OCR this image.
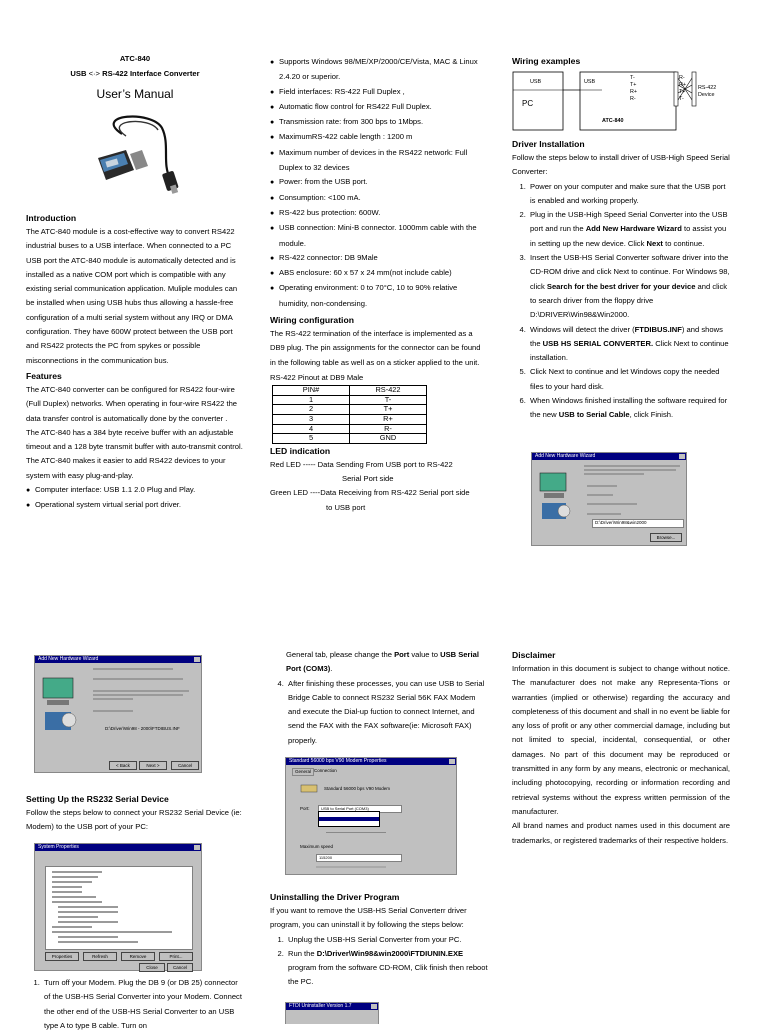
ATC-840

USB <·> RS-422 Interface Converter

User’s Manual

Introduction

The ATC-840 module is a cost-effective way to convert RS422 industrial buses to a USB interface. When connected to a PC USB port the ATC-840 module is automatically detected and is installed as a native COM port which is compatible with any existing serial communication application. Muliple modules can be installed when using USB hubs thus allowing a hassle-free configuration of a multi serial system without any IRQ or DMA configuration. They have 600W protect between the USB port and RS422 protects the PC from spykes or possible misconnections in the communication bus.

Features

The ATC-840 converter can be configured for RS422 four-wire (Full Duplex) networks. When operating in four-wire RS422 the data transfer control is automatically done by the converter .

The ATC-840 has a 384 byte receive buffer with an adjustable timeout and a 128 byte transmit buffer with auto-transmit control. The ATC-840 makes it easier to add RS422 devices to your system with easy plug-and-play.

● Computer interface: USB 1.1 2.0 Plug and Play.

● Operational system virtual serial port driver.

● Supports Windows 98/ME/XP/2000/CE/Vista, MAC & Linux 2.4.20 or superior.

● Field interfaces: RS-422 Full Duplex ,

● Automatic flow control for RS422 Full Duplex.

● Transmission rate: from 300 bps to 1Mbps.

● MaximumRS-422 cable length : 1200 m

● Maximum number of devices in the RS422 network: Full Duplex to 32 devices

● Power: from the USB port.

● Consumption: <100 mA.

● RS-422 bus protection: 600W.

● USB connection: Mini-B connector. 1000mm cable with the module.

● RS-422 connector: DB 9Male

● ABS enclosure: 60 x 57 x 24 mm(not include cable)

● Operating environment: 0 to 70°C, 10 to 90% relative humidity, non-condensing.

Wiring configuration

The RS-422 termination of the interface is implemented as a DB9 plug. The pin assignments for the connector can be found in the following table as well as on a sticker applied to the unit.

RS-422 Pinout at DB9 Male

PIN#	RS-422
1	T-
2	T+
3	R+
4	R-
5	GND
LED indication

Red LED ----- Data Sending From USB port to RS-422

Serial Port side

Green LED ----Data Receiving from RS-422 Serial port side

to USB port

Wiring examples
USB
PC
USB
ATC-840
T-
T+
R+
R-
R-
R+
T+
T-
RS-422
Device
Driver Installation

Follow the steps below to install driver of USB-High Speed Serial Converter:

1. Power on your computer and make sure that the USB port is enabled and working properly.
2. Plug in the USB-High Speed Serial Converter into the USB port and run the Add New Hardware Wizard to assist you in setting up the new device. Click Next to continue.
3. Insert the USB-HS Serial Converter software driver into the CD-ROM drive and click Next to continue. For Windows 98, click Search for the best driver for your device and click to search driver from the floppy drive D:\DRIVER\Win98&Win2000.
4. Windows will detect the driver (FTDIBUS.INF) and shows the USB HS SERIAL CONVERTER. Click Next to continue installation.
5. Click Next to continue and let Windows copy the needed files to your hard disk.
6. When Windows finished installing the software required for the new USB to Serial Cable, click Finish.
Add New Hardware Wizard
D:\Driver\Win98&win2000
Browse...
Add New Hardware Wizard
D:\Driver\Win98 - 2000\FTDIBUS.INF
< Back	Next >	Cancel
Setting Up the RS232 Serial Device

Follow the steps below to connect your RS232 Serial Device (ie: Modem) to the USB port of your PC:

System Properties
Properties	Refresh	Remove	Print...
Close	Cancel
1. Turn off your Modem. Plug the DB 9 (or DB 25) connector of the USB-HS Serial Converter into your Modem. Connect the other end of the USB-HS Serial Converter to an USB type A to type B cable. Turn on

General tab, please change the Port value to USB Serial Port (COM3).

4. After finishing these processes, you can use USB to Serial Bridge Cable to connect RS232 Serial 56K FAX Modem and execute the Dial-up fuction to connect Internet, and send the FAX with the FAX software(ie: Microsoft FAX) properly.
Standard 56000 bps V90 Modem Properties
General Connection
Standard 56000 bps V90 Modem
Port:	USB to Serial Port (COM3)
Maximum speed
115200
Uninstalling the Driver Program

If you want to remove the USB-HS Serial Converterr driver program, you can uninstall it by following the steps below:

1. Unplug the USB-HS Serial Converter from your PC.
2. Run the D:\Driver\Win98&win2000\FTDIUNIN.EXE program from the software CD-ROM, Clik finish then reboot the PC.
FTDI Uninstaller Version 1.7
Disclaimer

Information in this document is subject to change without notice. The manufacturer does not make any Representa-Tions or warranties (implied or otherwise) regarding the accuracy and completeness of this document and shall in no event be liable for any loss of profit or any other commercial damage, including but not limited to special, incidental, consequential, or other damages. No part of this document may be reproduced or transmitted in any form by any means, electronic or mechanical, including photocopying, recording or information recording and retrieval systems without the express written permission of the manufacturer.

All brand names and product names used in this document are trademarks, or registered trademarks of their respective holders.
